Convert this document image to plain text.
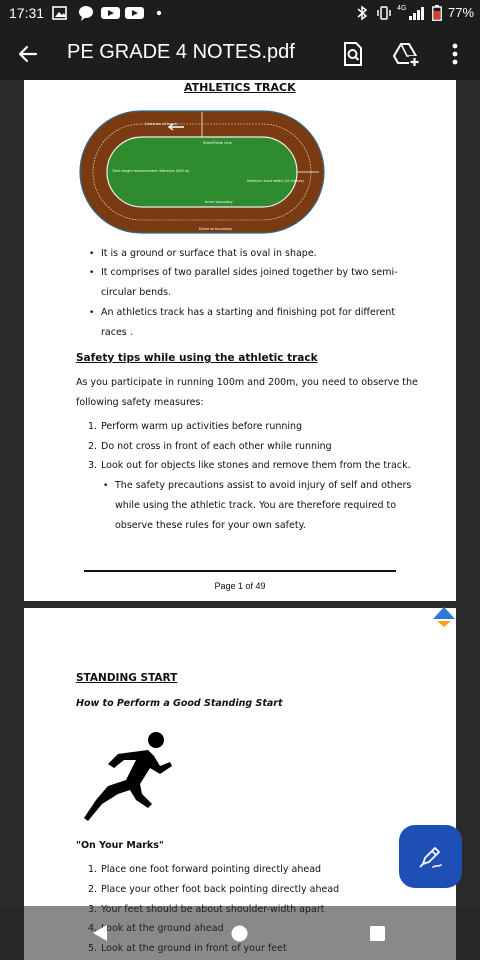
17:31	4G	77%
PE GRADE 4 NOTES.pdf
ATHLETICS TRACK
Direction of travel
Start/Finish Line
Track length measurement reference (400 m)
Minimum track width (10 metres)
Inner boundary
External boundary
• It is a ground or surface that is oval in shape.
• It comprises of two parallel sides joined together by two semi-
circular bends.
• An athletics track has a starting and finishing pot for different
races .
Safety tips while using the athletic track
As you participate in running 100m and 200m, you need to observe the
following safety measures:
1. Perform warm up activities before running
2. Do not cross in front of each other while running
3. Look out for objects like stones and remove them from the track.
• The safety precautions assist to avoid injury of self and others
while using the athletic track. You are therefore required to
observe these rules for your own safety.
Page 1 of 49
STANDING START
How to Perform a Good Standing Start
"On Your Marks"
1. Place one foot forward pointing directly ahead
2. Place your other foot back pointing directly ahead
